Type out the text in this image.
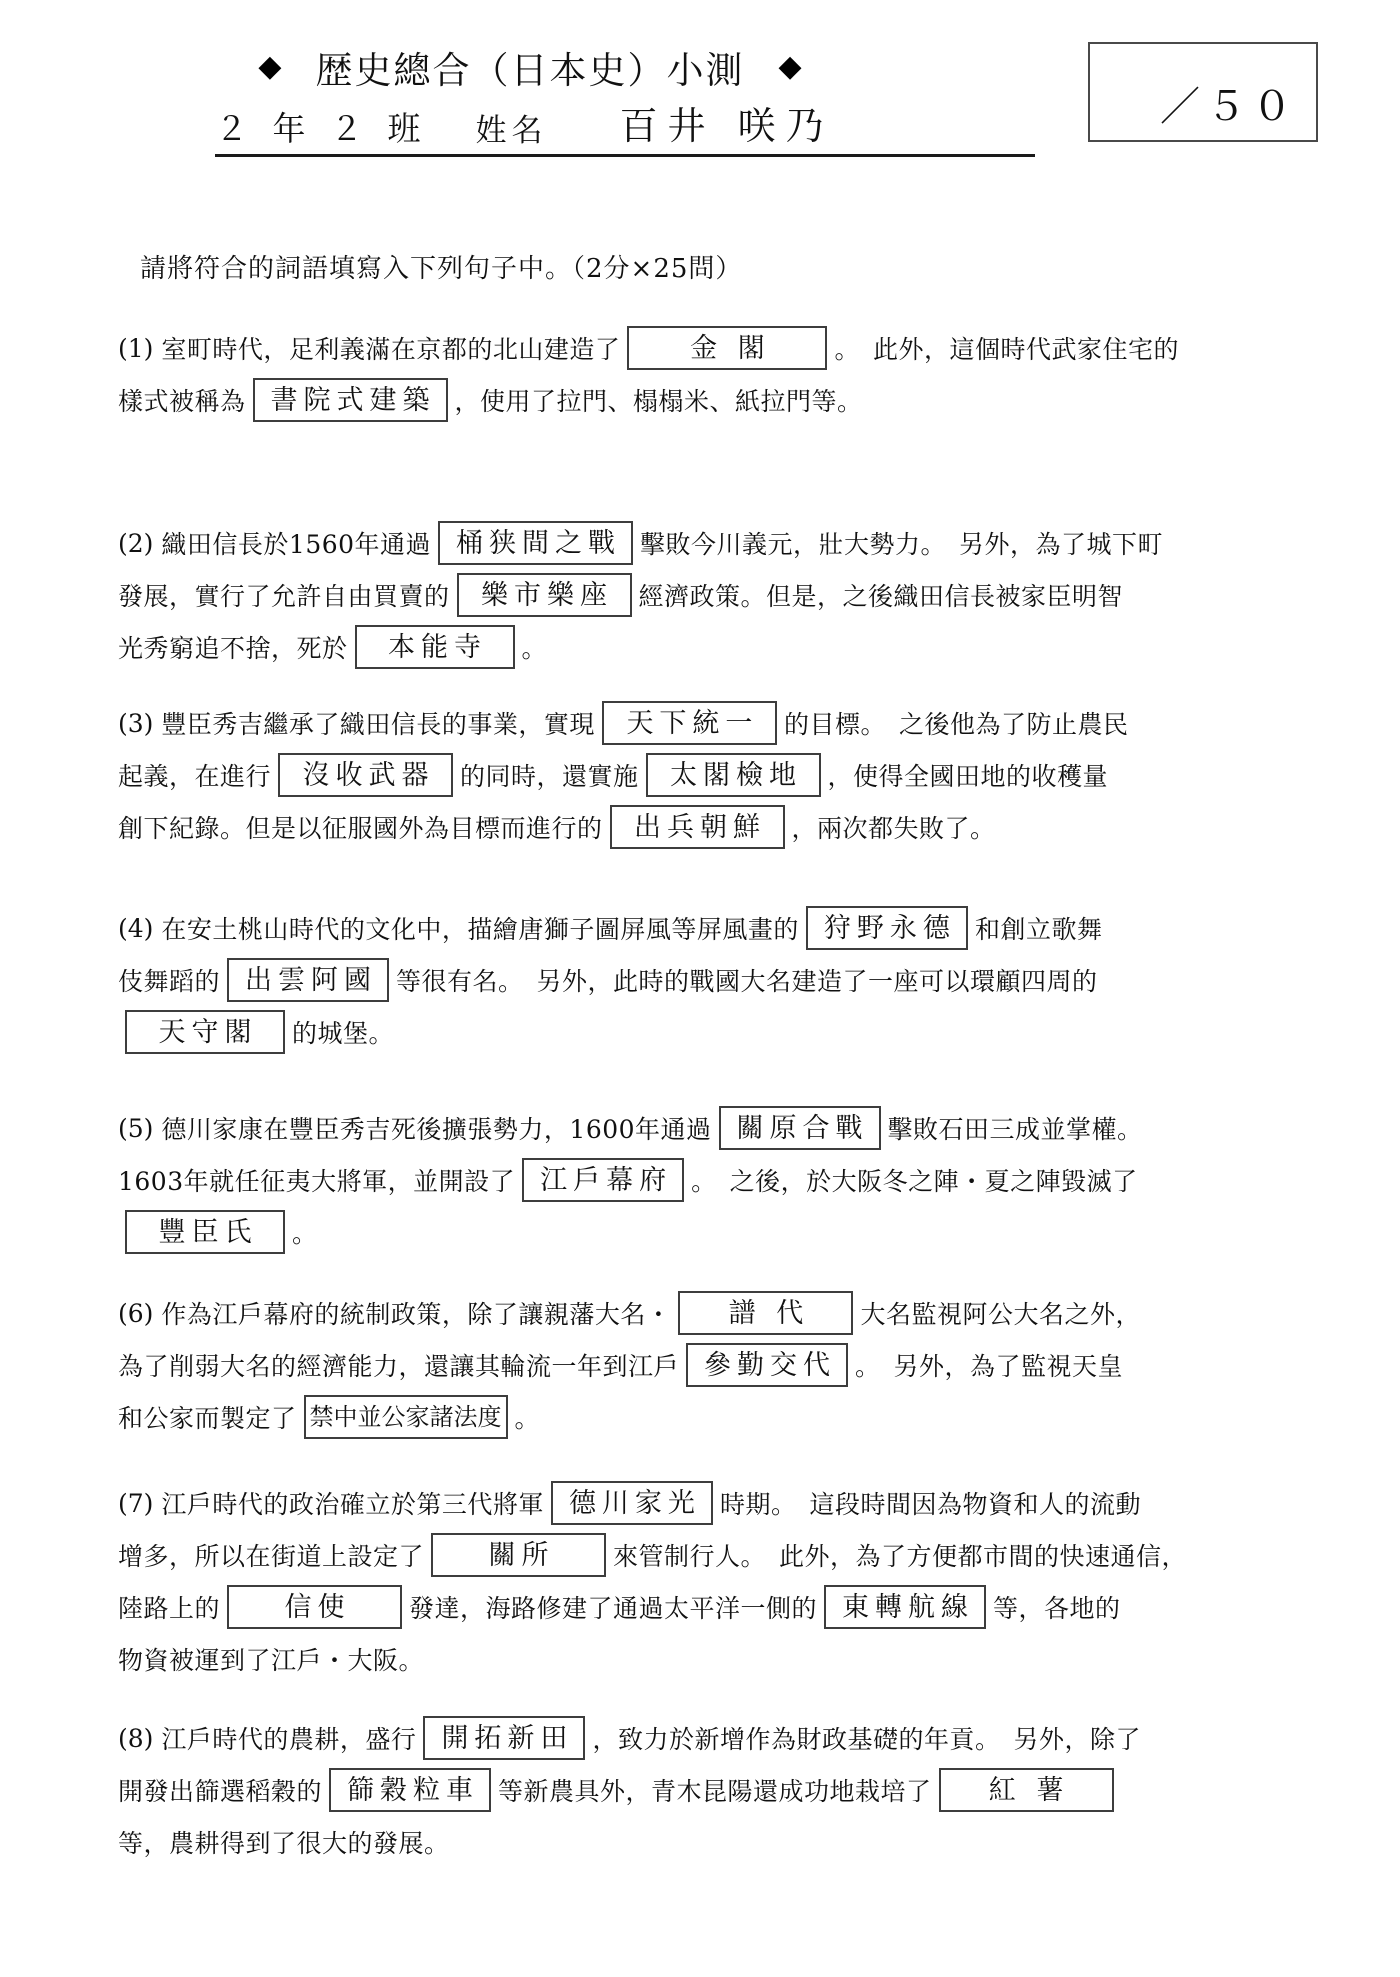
◆ 歴史總合（日本史）小測 ◆
／５０
２ 年 ２ 班 姓名 百井 咲乃
請將符合的詞語填寫入下列句子中。（2分×25問）
(1) 室町時代，足利義滿在京都的北山建造了	金 閣	。　此外，這個時代武家住宅的
樣式被稱為 書院式建築 ，使用了拉門、榻榻米、紙拉門等。
(2) 織田信長於1560年通過 桶狭間之戰 擊敗今川義元，壯大勢力。　另外，為了城下町
發展，實行了允許自由買賣的	樂市樂座	經濟政策。但是，之後織田信長被家臣明智
光秀窮追不捨，死於	本能寺	。
(3) 豐臣秀吉繼承了織田信長的事業，實現	天下統一	的目標。　之後他為了防止農民
起義，在進行	沒收武器	的同時，還實施	太閣檢地	，使得全國田地的收穫量
創下紀錄。但是以征服國外為目標而進行的	出兵朝鮮	，兩次都失敗了。
(4) 在安土桃山時代的文化中，描繪唐獅子圖屏風等屏風畫的 狩野永德 和創立歌舞
伎舞蹈的 出雲阿國 等很有名。　另外，此時的戰國大名建造了一座可以環顧四周的
天守閣	的城堡。
(5) 德川家康在豐臣秀吉死後擴張勢力，1600年通過 關原合戰 擊敗石田三成並掌權。
1603年就任征夷大將軍，並開設了 江戶幕府 。　之後，於大阪冬之陣・夏之陣毀滅了
豐臣氏	。
(6) 作為江戶幕府的統制政策，除了讓親藩大名・	譜 代	大名監視阿公大名之外，
為了削弱大名的經濟能力，還讓其輪流一年到江戶 參勤交代 。　另外，為了監視天皇
和公家而製定了 禁中並公家諸法度 。
(7) 江戶時代的政治確立於第三代將軍 德川家光 時期。　這段時間因為物資和人的流動
增多，所以在街道上設定了	關所	來管制行人。　此外，為了方便都市間的快速通信，
陸路上的	信使	發達，海路修建了通過太平洋一側的 東轉航線 等，各地的
物資被運到了江戶・大阪。
(8) 江戶時代的農耕，盛行 開拓新田 ，致力於新增作為財政基礎的年貢。　另外，除了
開發出篩選稻穀的 篩穀粒車 等新農具外，青木昆陽還成功地栽培了	紅 薯
等，農耕得到了很大的發展。
